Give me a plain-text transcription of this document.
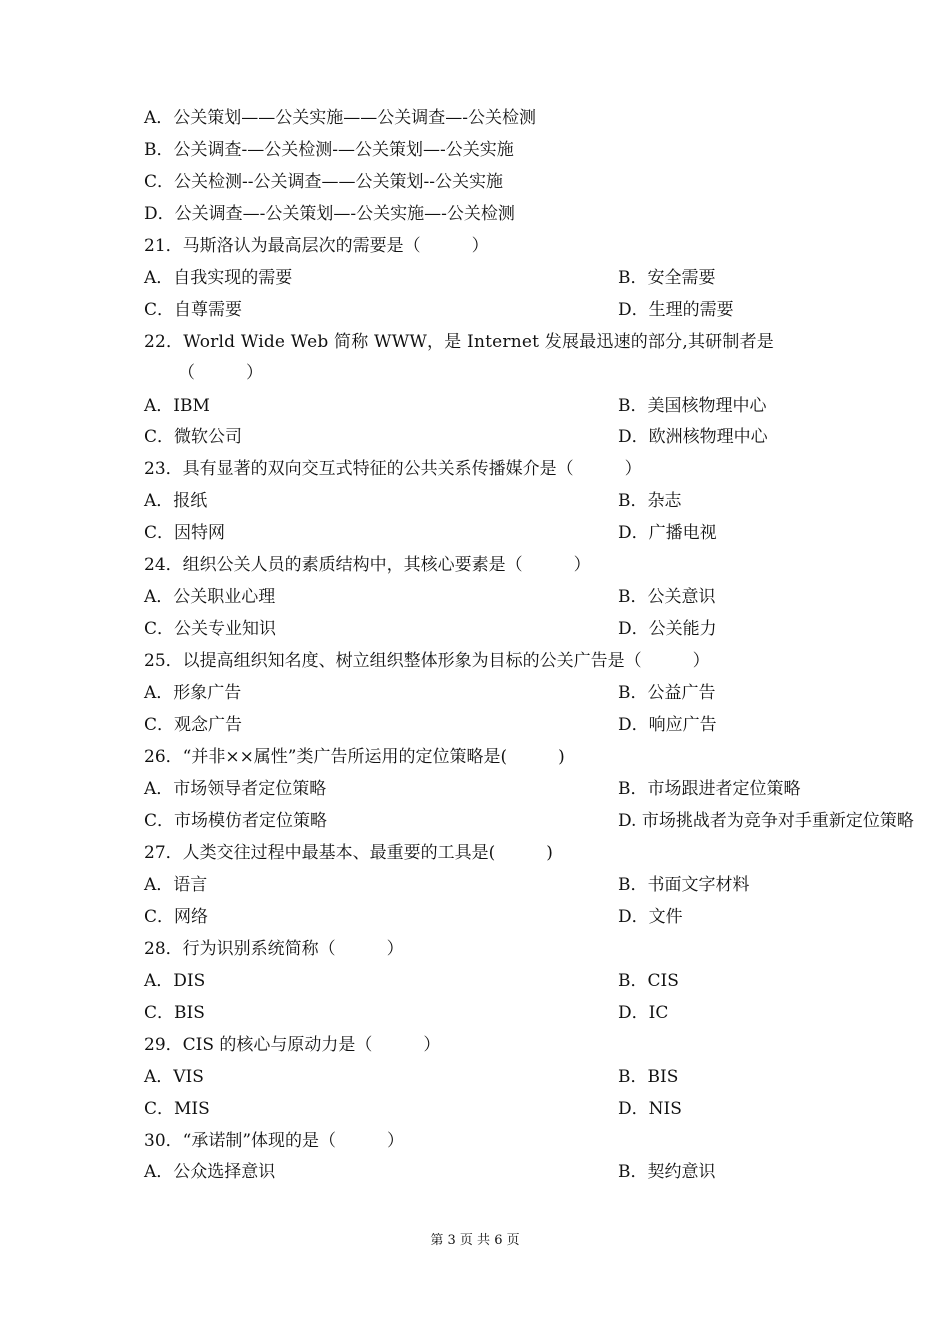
A．公关策划——公关实施——公关调查—-公关检测
B．公关调查-—公关检测-—公关策划—-公关实施
C．公关检测--公关调查——公关策划--公关实施
D．公关调查—-公关策划—-公关实施—-公关检测
21．马斯洛认为最高层次的需要是（　　　）
A．自我实现的需要	B．安全需要
C．自尊需要	D．生理的需要
22．World Wide Web 简称 WWW，是 Internet 发展最迅速的部分,其研制者是
（　　　）
A．IBM	B．美国核物理中心
C．微软公司	D．欧洲核物理中心
23．具有显著的双向交互式特征的公共关系传播媒介是（　　　）
A．报纸	B．杂志
C．因特网	D．广播电视
24．组织公关人员的素质结构中，其核心要素是（　　　）
A．公关职业心理	B．公关意识
C．公关专业知识	D．公关能力
25．以提高组织知名度、树立组织整体形象为目标的公关广告是（　　　）
A．形象广告	B．公益广告
C．观念广告	D．响应广告
26．“并非××属性”类广告所运用的定位策略是(　　　)
A．市场领导者定位策略	B．市场跟进者定位策略
C．市场模仿者定位策略	D. 市场挑战者为竞争对手重新定位策略
27．人类交往过程中最基本、最重要的工具是(　　　)
A．语言	B．书面文字材料
C．网络	D．文件
28．行为识别系统简称（　　　）
A．DIS	B．CIS
C．BIS	D．IC
29．CIS 的核心与原动力是（　　　）
A．VIS	B．BIS
C．MIS	D．NIS
30．“承诺制”体现的是（　　　）
A．公众选择意识	B．契约意识
第 3 页 共 6 页
